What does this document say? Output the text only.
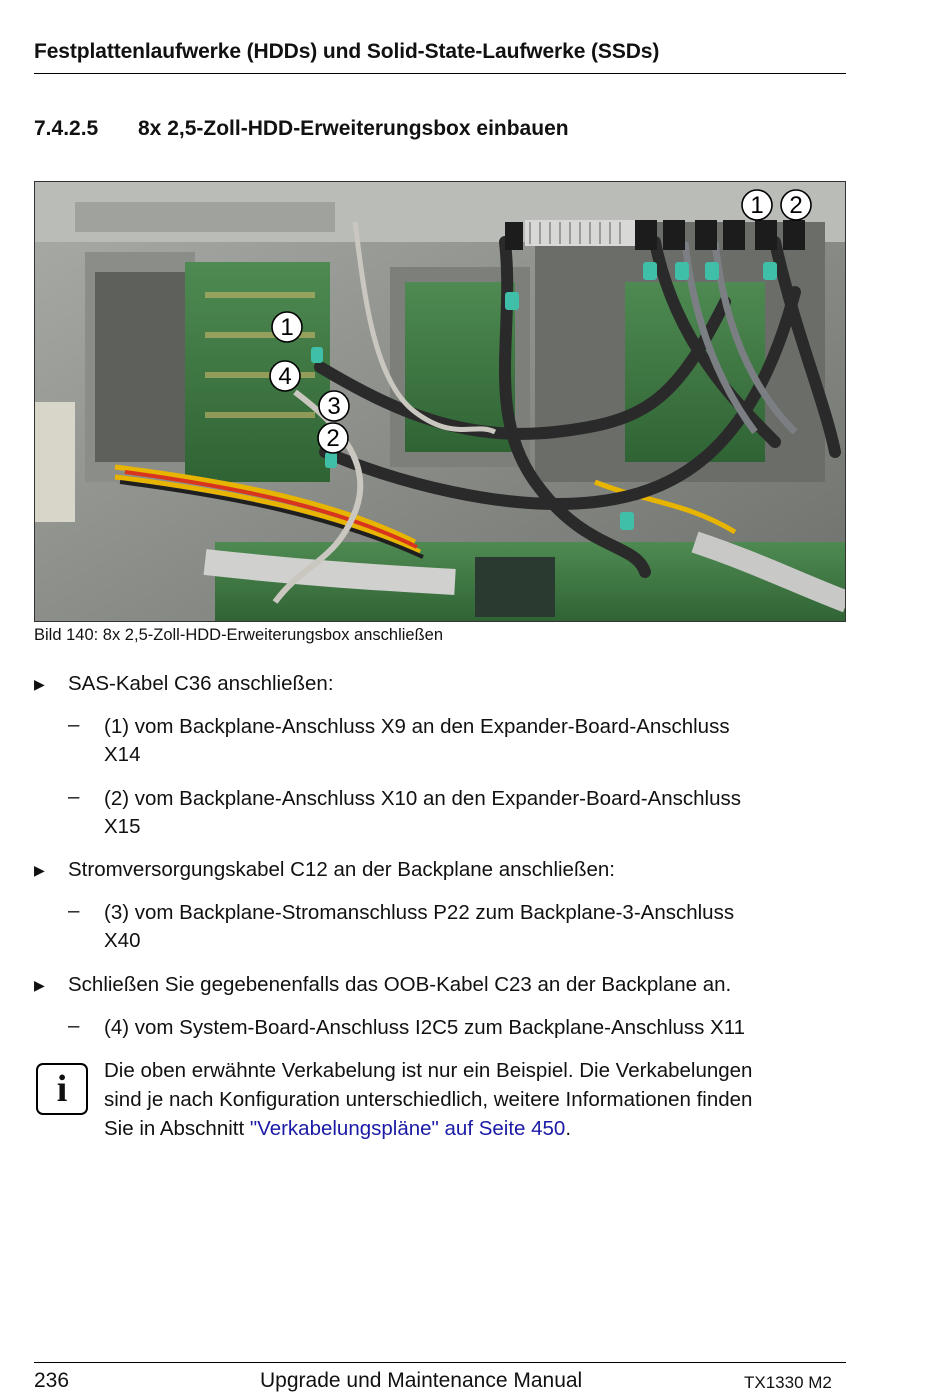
Festplattenlaufwerke (HDDs) und Solid-State-Laufwerke (SSDs)
7.4.2.5 8x 2,5-Zoll-HDD-Erweiterungsbox einbauen
1 2
1
4
3
2
Bild 140: 8x 2,5-Zoll-HDD-Erweiterungsbox anschließen
▶ SAS-Kabel C36 anschließen:
– (1) vom Backplane-Anschluss X9 an den Expander-Board-Anschluss
X14
– (2) vom Backplane-Anschluss X10 an den Expander-Board-Anschluss
X15
▶ Stromversorgungskabel C12 an der Backplane anschließen:
– (3) vom Backplane-Stromanschluss P22 zum Backplane-3-Anschluss
X40
▶ Schließen Sie gegebenenfalls das OOB-Kabel C23 an der Backplane an.
– (4) vom System-Board-Anschluss I2C5 zum Backplane-Anschluss X11
i	Die oben erwähnte Verkabelung ist nur ein Beispiel. Die Verkabelungen
sind je nach Konfiguration unterschiedlich, weitere Informationen finden
Sie in Abschnitt "Verkabelungspläne" auf Seite 450.
236	Upgrade und Maintenance Manual	TX1330 M2
